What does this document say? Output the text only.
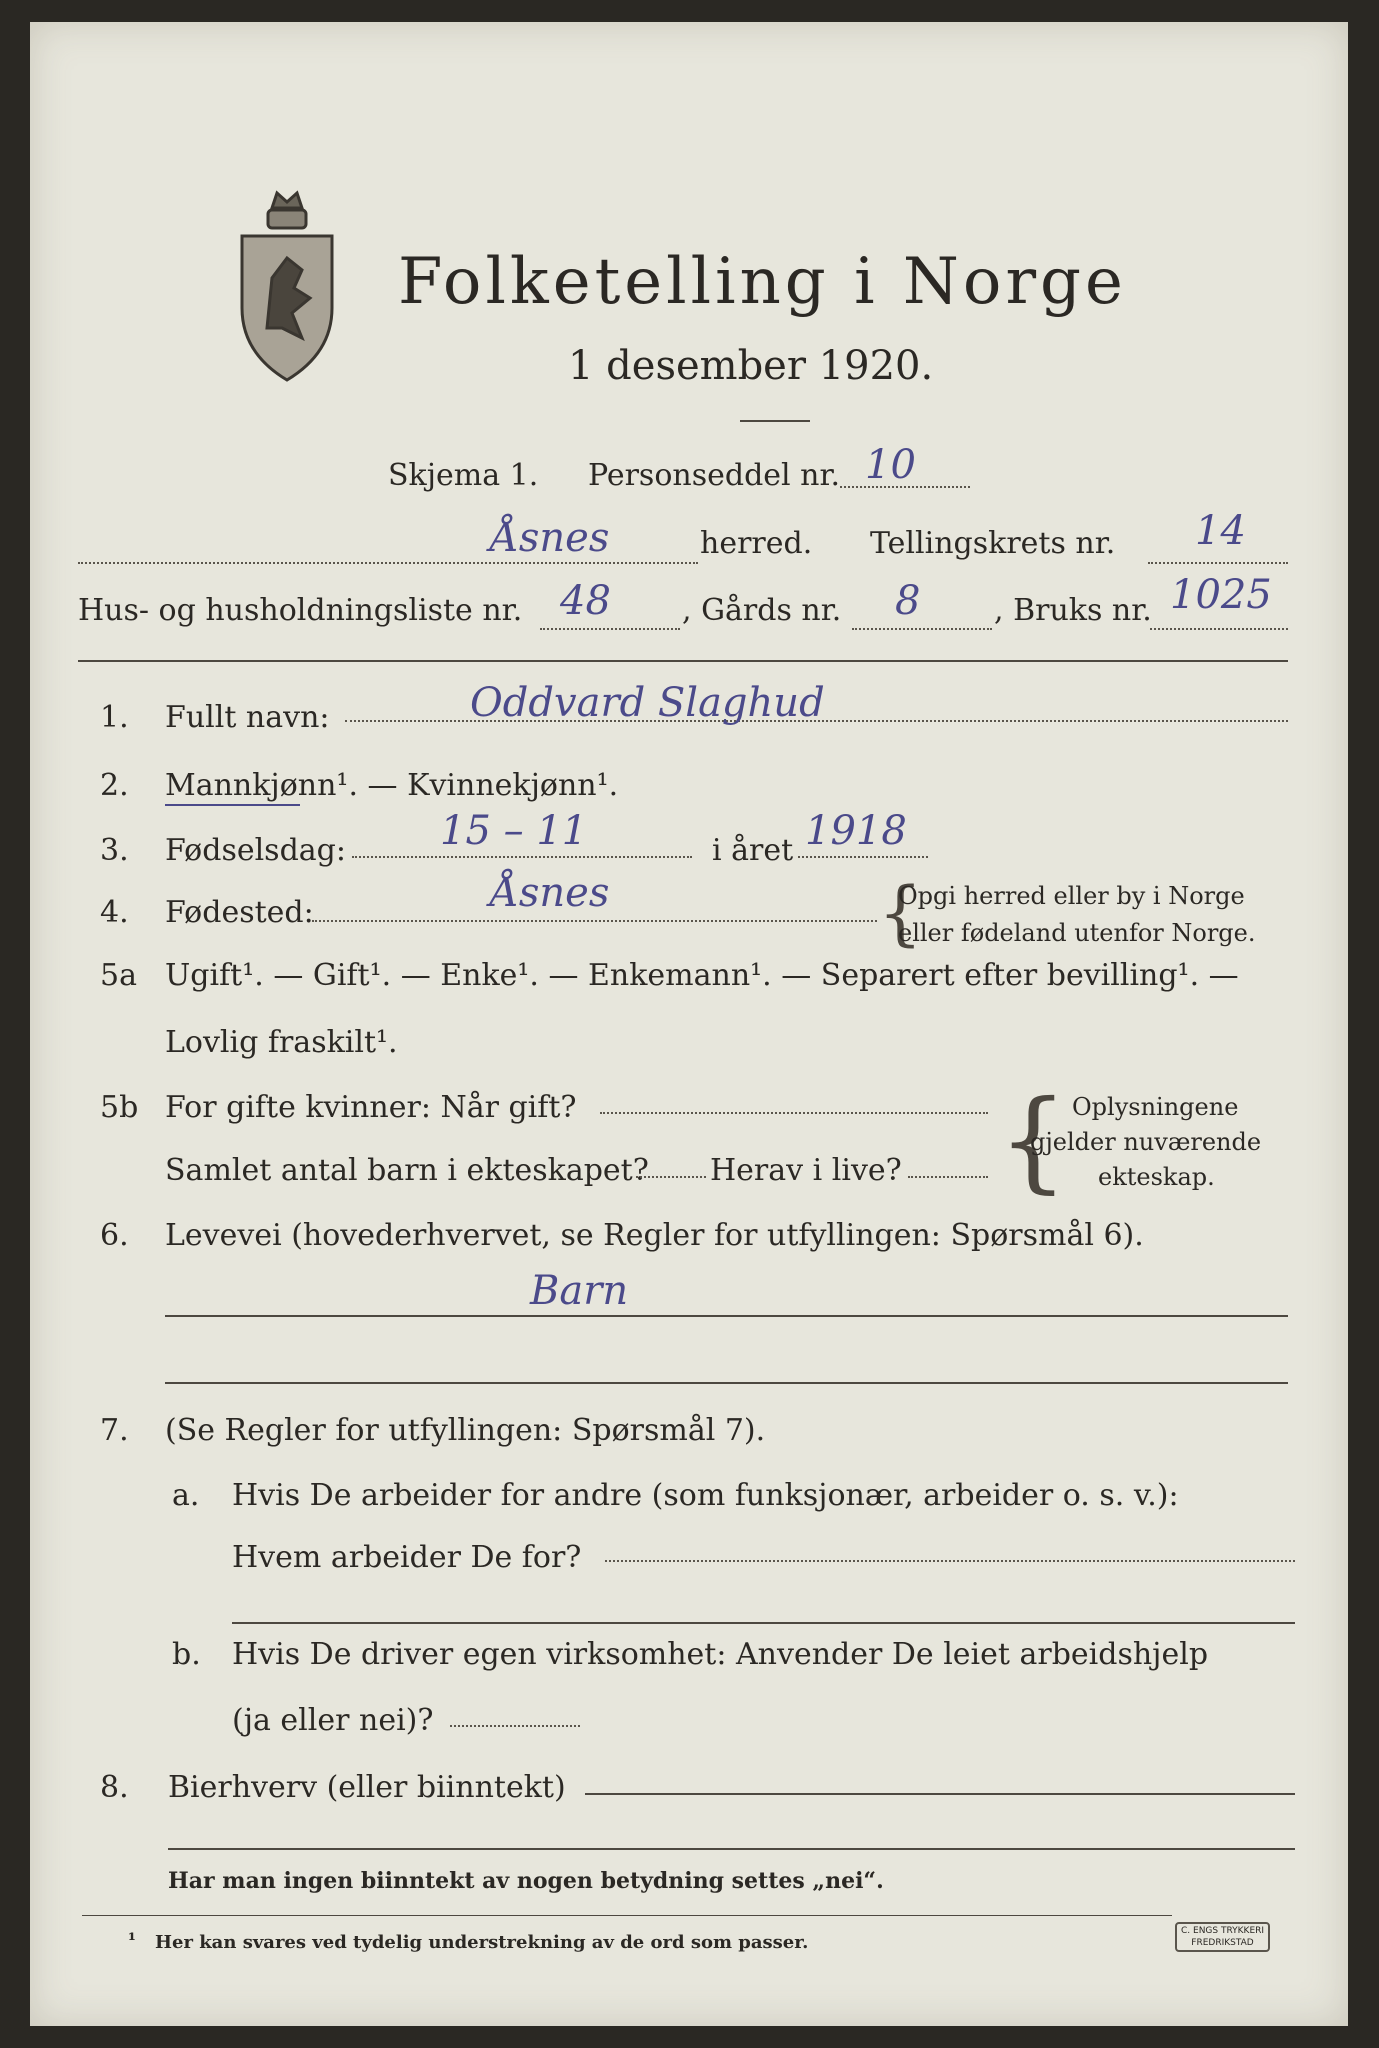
Folketelling i Norge
1 desember 1920.
Skjema 1. Personseddel nr. 10
Åsnes	herred. Tellingskrets nr. 14
Hus- og husholdningsliste nr. 48 , Gårds nr. 8 , Bruks nr. 1025
1. Fullt navn:	Oddvard Slaghud
2. Mannkjønn¹. — Kvinnekjønn¹.
3. Fødselsdag: 15 – 11	i året 1918
4. Fødested:	Åsnes	{
Opgi herred eller by i Norge
eller fødeland utenfor Norge.
5a Ugift¹. — Gift¹. — Enke¹. — Enkemann¹. — Separert efter bevilling¹. —
Lovlig fraskilt¹.
5b For gifte kvinner: Når gift?
Samlet antal barn i ekteskapet? Herav i live? { Oplysningene
gjelder nuværende
ekteskap.
6. Levevei (hovederhvervet, se Regler for utfyllingen: Spørsmål 6).
Barn
7. (Se Regler for utfyllingen: Spørsmål 7).
a. Hvis De arbeider for andre (som funksjonær, arbeider o. s. v.):
Hvem arbeider De for?
b. Hvis De driver egen virksomhet: Anvender De leiet arbeidshjelp
(ja eller nei)?
8. Bierhverv (eller biinntekt)
Har man ingen biinntekt av nogen betydning settes „nei“.
¹ Her kan svares ved tydelig understrekning av de ord som passer.
C. ENGS TRYKKERI
FREDRIKSTAD
